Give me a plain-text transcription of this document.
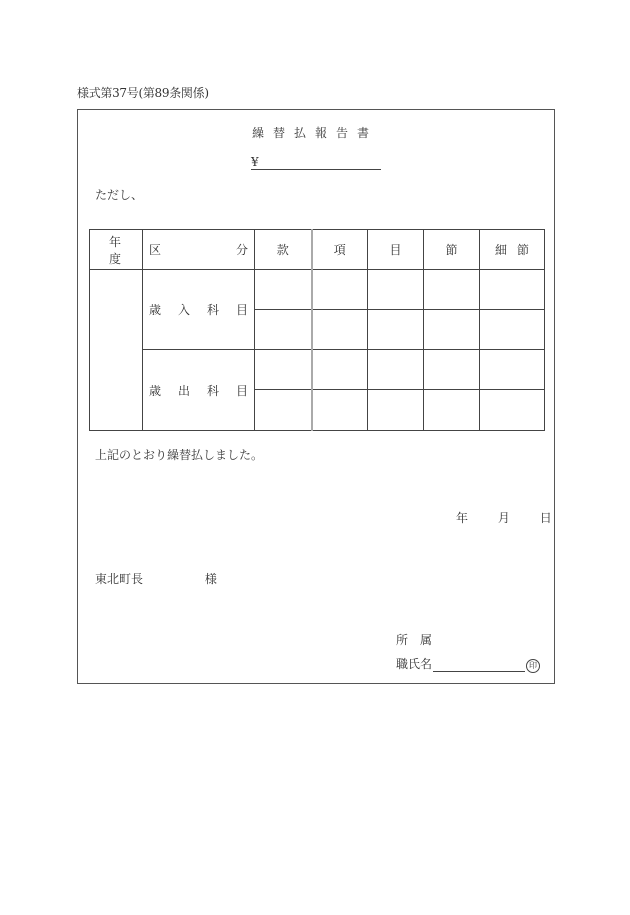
様式第37号(第89条関係)
繰替払報告書
¥
ただし、
年度	区 分	款	項	目	節	細節

	歳 入 科 目					

	歳 出 科 目					

上記のとおり繰替払しました。
年 月 日
東北町長	様
所属
職氏名	印
